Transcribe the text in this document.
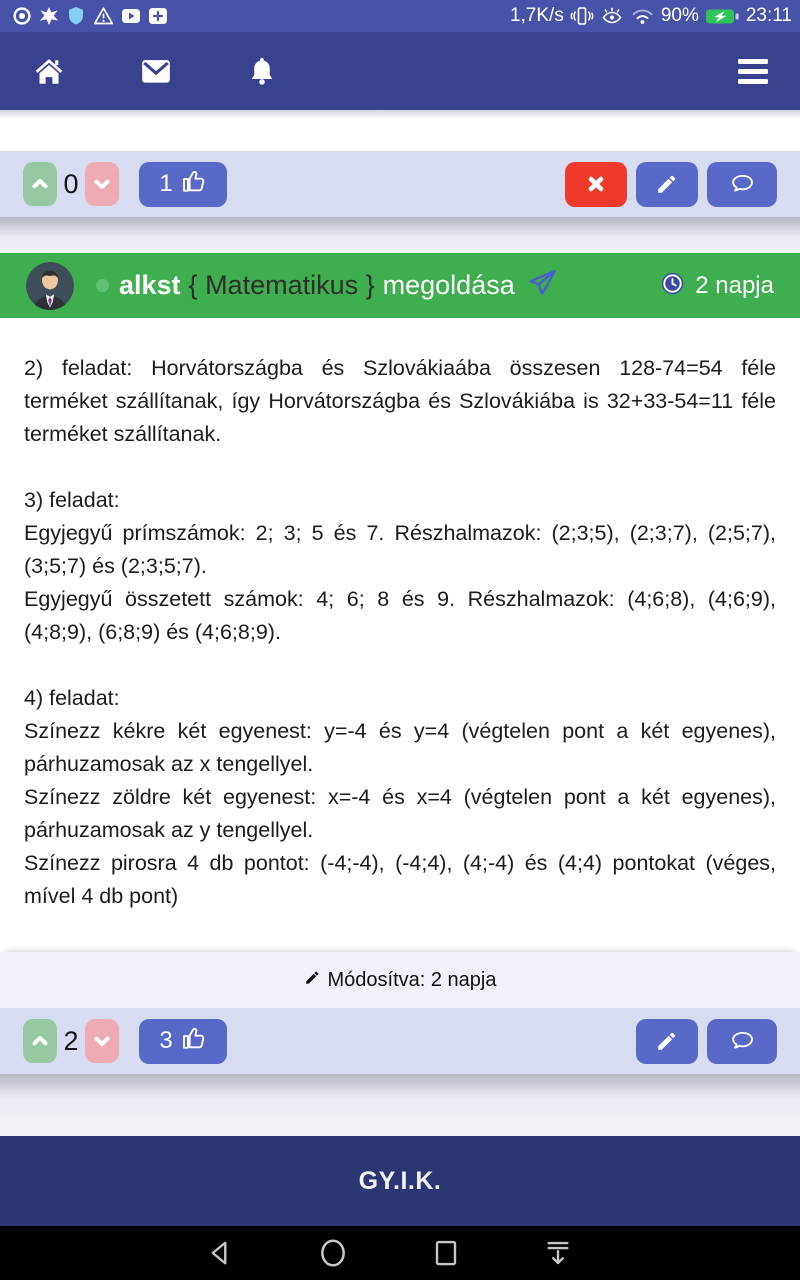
1,7K/s	90% 23:11
0	1
alkst { Matematikus } megoldása	2 napja
2) feladat: Horvátországba és Szlovákiaába összesen 128-74=54 féle terméket szállítanak, így Horvátországba és Szlovákiába is 32+33-54=11 féle terméket szállítanak.
3) feladat:
Egyjegyű prímszámok: 2; 3; 5 és 7. Részhalmazok: (2;3;5), (2;3;7), (2;5;7), (3;5;7) és (2;3;5;7).
Egyjegyű összetett számok: 4; 6; 8 és 9. Részhalmazok: (4;6;8), (4;6;9), (4;8;9), (6;8;9) és (4;6;8;9).
4) feladat:
Színezz kékre két egyenest: y=-4 és y=4 (végtelen pont a két egyenes), párhuzamosak az x tengellyel.
Színezz zöldre két egyenest: x=-4 és x=4 (végtelen pont a két egyenes), párhuzamosak az y tengellyel.
Színezz pirosra 4 db pontot: (-4;-4), (-4;4), (4;-4) és (4;4) pontokat (véges, mível 4 db pont)
Módosítva: 2 napja
2	3
GY.I.K.
